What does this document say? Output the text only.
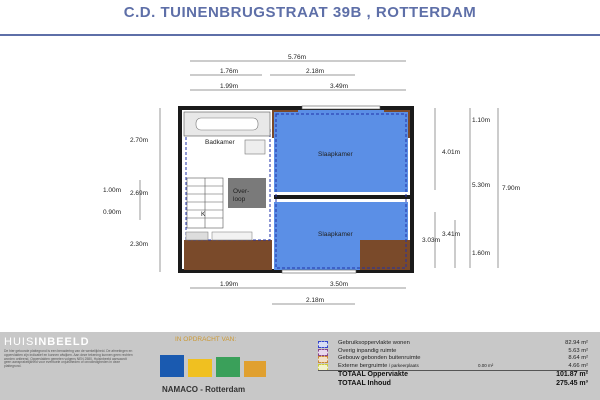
C.D. TUINENBRUGSTRAAT 39B , ROTTERDAM
5.76m
1.76m	2.18m
1.99m	3.49m
1.99m	3.50m
2.18m
2.70m
1.00m 2.69m
0.90m
2.30m
1.10m
4.01m
5.30m 7.90m
3.41m
3.03m
1.60m
Badkamer
Slaapkamer
Slaapkamer
Over-
loop
K
HUISINBEELD
De hier getoonde plattegrond is een benadering van de werkelijkheid. De afmetingen en oppervlakten zijn indicatief en kunnen afwijken. Aan deze tekening kunnen geen rechten worden ontleend. Oppervlakten gemeten volgens NEN 2580. Huisinbeeld aanvaardt geen aansprakelijkheid voor eventuele onjuistheden of onvolledigheden in deze plattegrond.
IN OPDRACHT VAN:
NAMACO - Rotterdam
Gebruiksoppervlakte wonen	82.94 m²
Overig inpandig ruimte	5.63 m²
Gebouw gebonden buitenruimte	8.64 m²
Externe bergruimte / parkeerplaats	0.00 m²	4.66 m²
TOTAAL Opperviakte	101.87 m²
TOTAAL Inhoud	275.45 m³
